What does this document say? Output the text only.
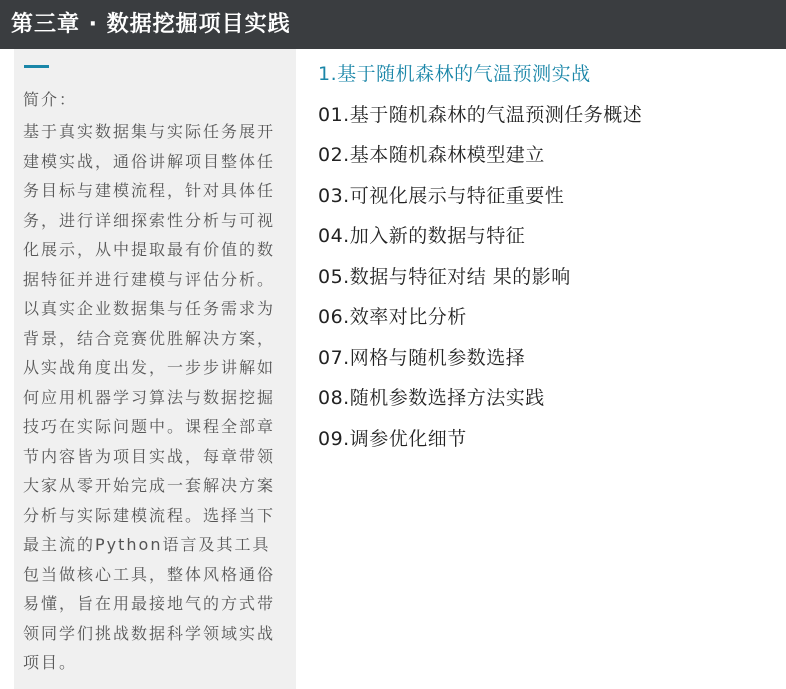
第三章 · 数据挖掘项目实践
简介：
基于真实数据集与实际任务展开建模实战，通俗讲解项目整体任务目标与建模流程，针对具体任务，进行详细探索性分析与可视化展示，从中提取最有价值的数据特征并进行建模与评估分析。以真实企业数据集与任务需求为背景，结合竞赛优胜解决方案，从实战角度出发，一步步讲解如何应用机器学习算法与数据挖掘技巧在实际问题中。课程全部章节内容皆为项目实战，每章带领大家从零开始完成一套解决方案分析与实际建模流程。选择当下最主流的Python语言及其工具包当做核心工具，整体风格通俗易懂，旨在用最接地气的方式带领同学们挑战数据科学领域实战项目。
1.基于随机森林的气温预测实战
01.基于随机森林的气温预测任务概述
02.基本随机森林模型建立
03.可视化展示与特征重要性
04.加入新的数据与特征
05.数据与特征对结 果的影响
06.效率对比分析
07.网格与随机参数选择
08.随机参数选择方法实践
09.调参优化细节
